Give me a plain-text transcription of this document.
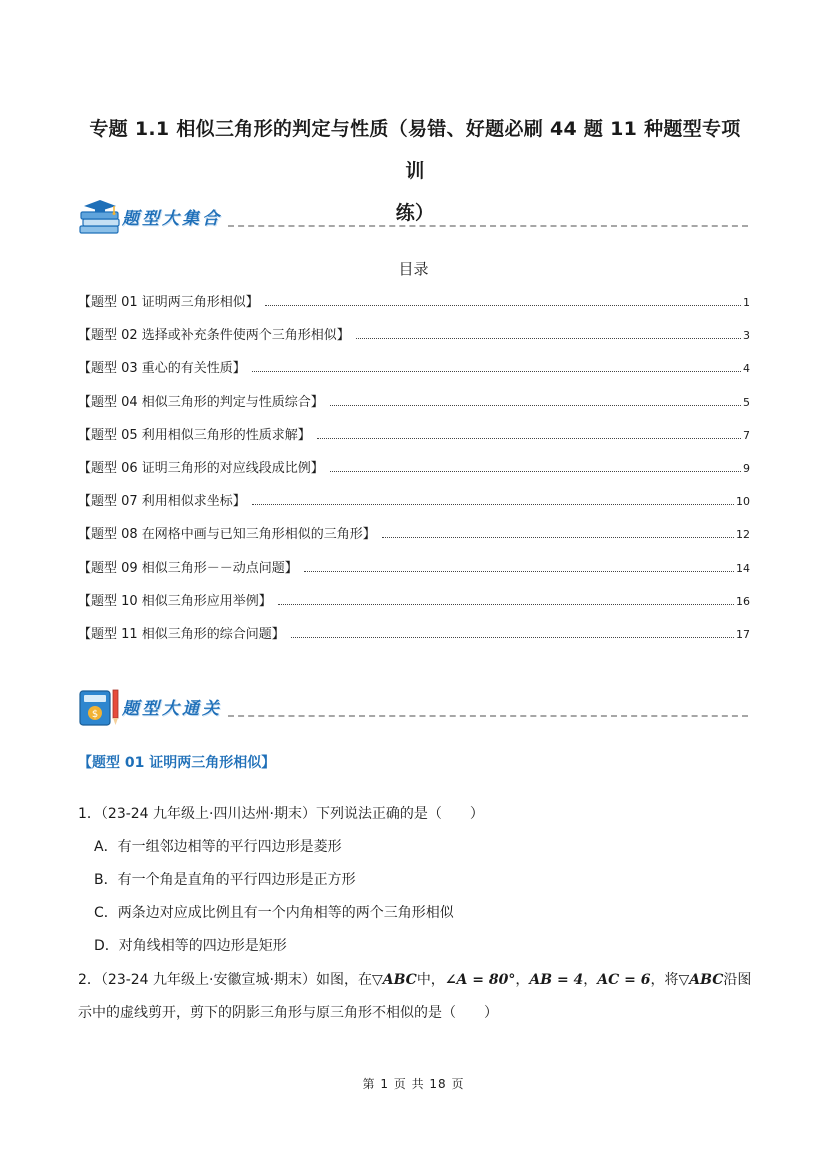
专题 1.1 相似三角形的判定与性质（易错、好题必刷 44 题 11 种题型专项训
练）
题型大集合
目录
【题型 01 证明两三角形相似】	1
【题型 02 选择或补充条件使两个三角形相似】	3
【题型 03 重心的有关性质】	4
【题型 04 相似三角形的判定与性质综合】	5
【题型 05 利用相似三角形的性质求解】	7
【题型 06 证明三角形的对应线段成比例】	9
【题型 07 利用相似求坐标】	10
【题型 08 在网格中画与已知三角形相似的三角形】	12
【题型 09 相似三角形－－动点问题】	14
【题型 10 相似三角形应用举例】	16
【题型 11 相似三角形的综合问题】	17
$ 题型大通关
【题型 01 证明两三角形相似】
1．（23-24 九年级上·四川达州·期末）下列说法正确的是（　　）
A．有一组邻边相等的平行四边形是菱形
B．有一个角是直角的平行四边形是正方形
C．两条边对应成比例且有一个内角相等的两个三角形相似
D．对角线相等的四边形是矩形
2．（23-24 九年级上·安徽宣城·期末）如图，在▽ABC中，∠A = 80°，AB = 4，AC = 6，将▽ABC沿图
示中的虚线剪开，剪下的阴影三角形与原三角形不相似的是（　　）
第 1 页 共 18 页
